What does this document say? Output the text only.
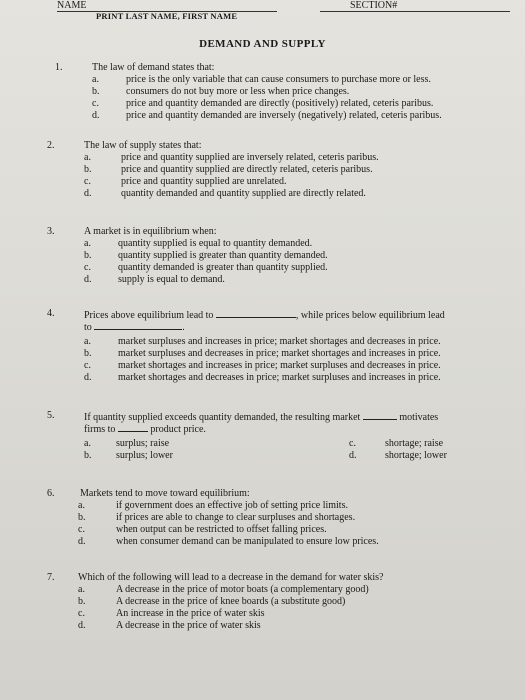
NAME	SECTION#
PRINT LAST NAME, FIRST NAME
DEMAND AND SUPPLY
1.	The law of demand states that:
a.	price is the only variable that can cause consumers to purchase more or less.
b.	consumers do not buy more or less when price changes.
c.	price and quantity demanded are directly (positively) related, ceteris paribus.
d.	price and quantity demanded are inversely (negatively) related, ceteris paribus.
2.	The law of supply states that:
a.	price and quantity supplied are inversely related, ceteris paribus.
b.	price and quantity supplied are directly related, ceteris paribus.
c.	price and quantity supplied are unrelated.
d.	quantity demanded and quantity supplied are directly related.
3.	A market is in equilibrium when:
a.	quantity supplied is equal to quantity demanded.
b.	quantity supplied is greater than quantity demanded.
c.	quantity demanded is greater than quantity supplied.
d.	supply is equal to demand.
4.	Prices above equilibrium lead to	, while prices below equilibrium lead
to	.
a.	market surpluses and increases in price; market shortages and decreases in price.
b.	market surpluses and decreases in price; market shortages and increases in price.
c.	market shortages and increases in price; market surpluses and decreases in price.
d.	market shortages and decreases in price; market surpluses and increases in price.
5.	If quantity supplied exceeds quantity demanded, the resulting market	motivates
firms to	product price.
a.	surplus; raise
b. surplus; lower
c.	shortage; raise
d.	shortage; lower
6.	Markets tend to move toward equilibrium:
a.	if government does an effective job of setting price limits.
b.	if prices are able to change to clear surpluses and shortages.
c.	when output can be restricted to offset falling prices.
d.	when consumer demand can be manipulated to ensure low prices.
7. Which of the following will lead to a decrease in the demand for water skis?
a.	A decrease in the price of motor boats (a complementary good)
b.	A decrease in the price of knee boards (a substitute good)
c.	An increase in the price of water skis
d.	A decrease in the price of water skis
